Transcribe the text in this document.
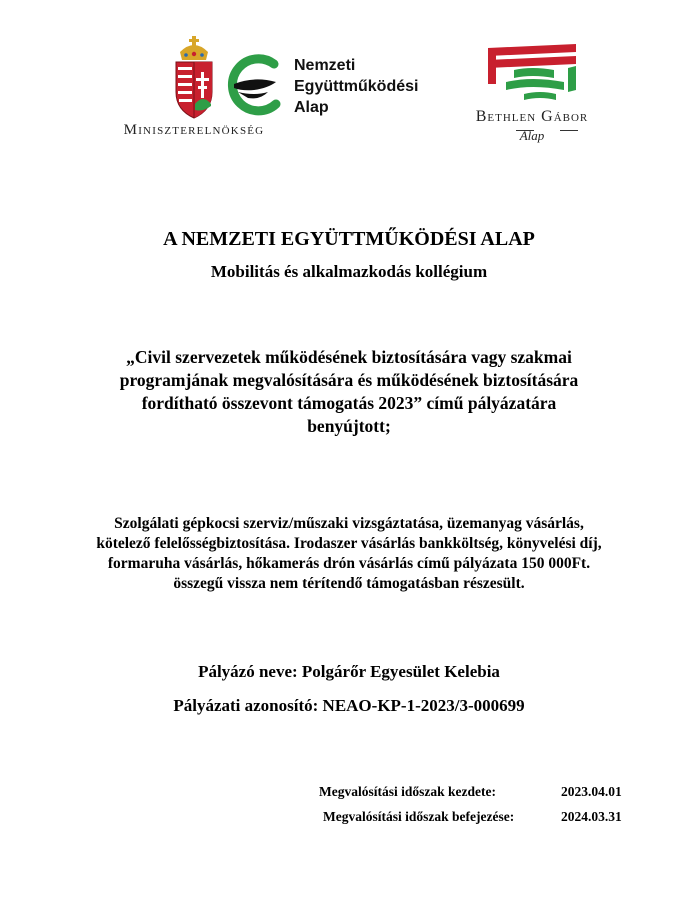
Miniszterelnökség
Nemzeti
Együttműködési
Alap
Bethlen Gábor
Alap
A NEMZETI EGYÜTTMŰKÖDÉSI ALAP
Mobilitás és alkalmazkodás kollégium
„Civil szervezetek működésének biztosítására vagy szakmai
programjának megvalósítására és működésének biztosítására
fordítható összevont támogatás 2023” című pályázatára
benyújtott;
Szolgálati gépkocsi szerviz/műszaki vizsgáztatása, üzemanyag vásárlás,
kötelező felelősségbiztosítása. Irodaszer vásárlás bankköltség, könyvelési díj,
formaruha vásárlás, hőkamerás drón vásárlás című pályázata 150 000Ft.
összegű vissza nem térítendő támogatásban részesült.
Pályázó neve: Polgárőr Egyesület Kelebia
Pályázati azonosító: NEAO-KP-1-2023/3-000699
Megvalósítási időszak kezdete:	2023.04.01
Megvalósítási időszak befejezése:	2024.03.31
